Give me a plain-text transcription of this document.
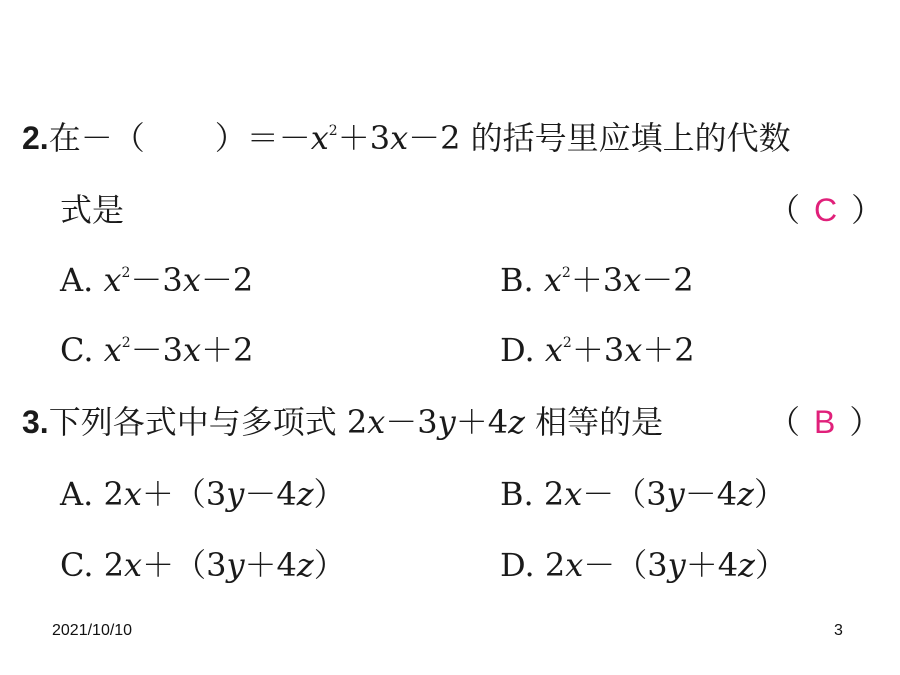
2.在－（ ）$=-x^2+3x-2$ 的括号里应填上的代数
式是	（ C ）
A. $x^2-3x-2$	B. $x^2+3x-2$
C. $x^2-3x+2$	D. $x^2+3x+2$
3.下列各式中与多项式 2x－3y＋4z 相等的是	（ B ）
A. 2x＋（3y－4z）	B. 2x－（3y－4z）
C. 2x＋（3y＋4z）	D. 2x－（3y＋4z）
2021/10/10	3
